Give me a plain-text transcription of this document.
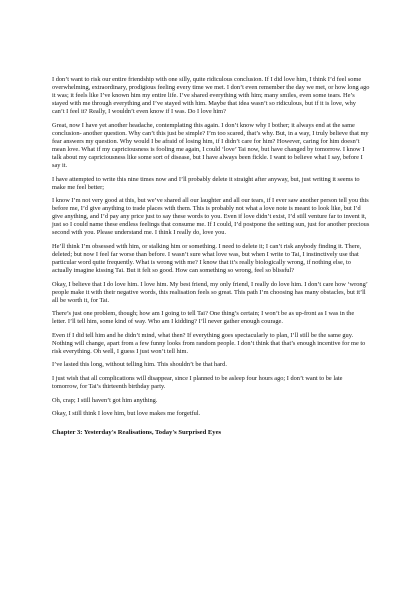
I don’t want to risk our entire friendship with one silly, quite ridiculous conclusion. If I did love him, I think I’d feel some overwhelming, extraordinary, prodigious feeling every time we met. I don’t even remember the day we met, or how long ago it was; it feels like I’ve known him my entire life. I’ve shared everything with him; many smiles, even some tears. He’s stayed with me through everything and I’ve stayed with him. Maybe that idea wasn’t so ridiculous, but if it is love, why can’t I feel it? Really, I wouldn’t even know if I was. Do I love him?

Great, now I have yet another headache, contemplating this again. I don’t know why I bother; it always end at the same conclusion- another question. Why can’t this just be simple? I’m too scared, that’s why. But, in a way, I truly believe that my fear answers my question. Why would I be afraid of losing him, if I didn’t care for him? However, caring for him doesn’t mean love. What if my capriciousness is fooling me again, I could ‘love’ Tai now, but have changed by tomorrow. I know I talk about my capriciousness like some sort of disease, but I have always been fickle. I want to believe what I say, before I say it.

I have attempted to write this nine times now and I’ll probably delete it straight after anyway, but, just writing it seems to make me feel better;

I know I’m not very good at this, but we’ve shared all our laughter and all our tears, if I ever saw another person tell you this before me, I’d give anything to trade places with them. This is probably not what a love note is meant to look like, but I’d give anything, and I’d pay any price just to say these words to you. Even if love didn’t exist, I’d still venture far to invent it, just so I could name these endless feelings that consume me. If I could, I’d postpone the setting sun, just for another precious second with you. Please understand me. I think I really do, love you.

He’ll think I’m obsessed with him, or stalking him or something. I need to delete it; I can’t risk anybody finding it. There, deleted; but now I feel far worse than before. I wasn’t sure what love was, but when I write to Tai, I instinctively use that particular word quite frequently. What is wrong with me? I know that it’s really biologically wrong, if nothing else, to actually imagine kissing Tai. But it felt so good. How can something so wrong, feel so blissful?

Okay, I believe that I do love him. I love him. My best friend, my only friend, I really do love him. I don’t care how ‘wrong’ people make it with their negative words, this realisation feels so great. This path I’m choosing has many obstacles, but it’ll all be worth it, for Tai.

There’s just one problem, though; how am I going to tell Tai? One thing’s certain; I won’t be as up-front as I was in the letter. I’ll tell him, some kind of way. Who am I kidding? I’ll never gather enough courage.

Even if I did tell him and he didn’t mind, what then? If everything goes spectacularly to plan, I’ll still be the same guy. Nothing will change, apart from a few funny looks from random people. I don’t think that that’s enough incentive for me to risk everything. Oh well, I guess I just won’t tell him.

I’ve lasted this long, without telling him. This shouldn’t be that hard.

I just wish that all complications will disappear, since I planned to be asleep four hours ago; I don’t want to be late tomorrow, for Tai’s thirteenth birthday party.

Oh, crap; I still haven’t got him anything.

Okay, I still think I love him, but love makes me forgetful.

Chapter 3: Yesterday's Realisations, Today's Surprised Eyes
